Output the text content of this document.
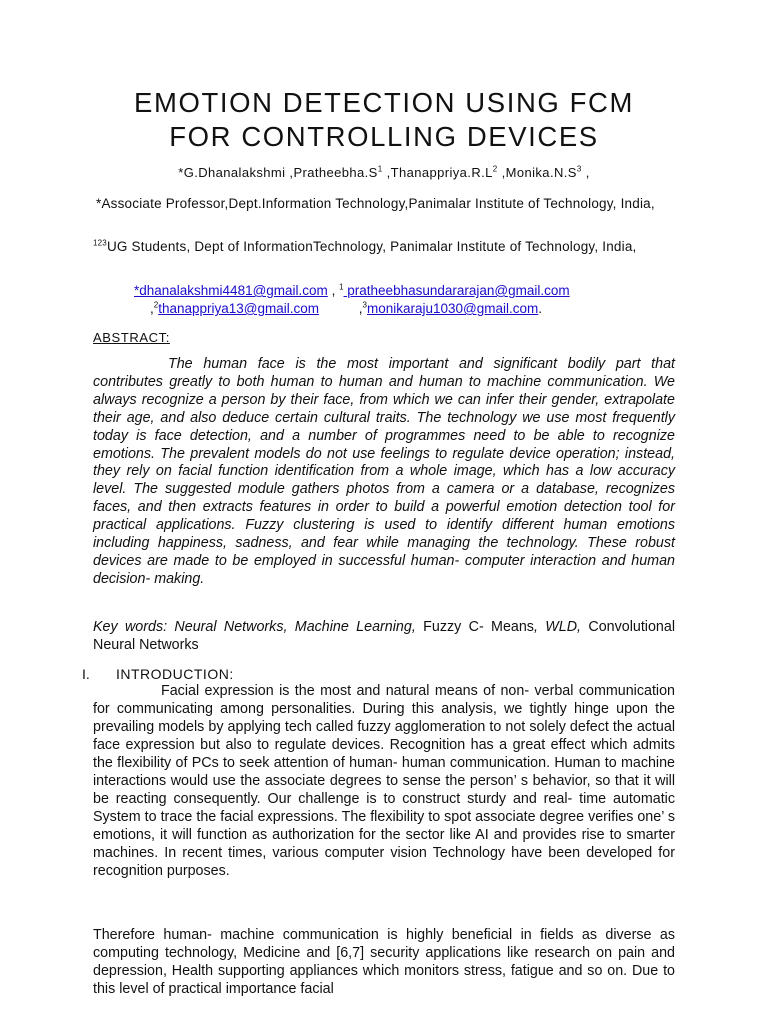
EMOTION DETECTION USING FCM
FOR CONTROLLING DEVICES
*G.Dhanalakshmi $,Pratheebha.S^1$ $,Thanappriya.R.L^2$ $,Monika.N.S^3$ ,
*Associate Professor,Dept.Information Technology,Panimalar Institute of Technology, India,
$^{123}$UG Students, Dept of InformationTechnology, Panimalar Institute of Technology, India,
*dhanalakshmi4481@gmail.com , $^1$ pratheebhasundararajan@gmail.com
,$^2$thanappriya13@gmail.com	,$^3$monikaraju1030@gmail.com.
ABSTRACT:
The human face is the most important and significant bodily part that contributes greatly to both human to human and human to machine communication. We always recognize a person by their face, from which we can infer their gender, extrapolate their age, and also deduce certain cultural traits. The technology we use most frequently today is face detection, and a number of programmes need to be able to recognize emotions. The prevalent models do not use feelings to regulate device operation; instead, they rely on facial function identification from a whole image, which has a low accuracy level. The suggested module gathers photos from a camera or a database, recognizes faces, and then extracts features in order to build a powerful emotion detection tool for practical applications. Fuzzy clustering is used to identify different human emotions including happiness, sadness, and fear while managing the technology. These robust devices are made to be employed in successful human- computer interaction and human decision- making.
Key words: Neural Networks, Machine Learning, Fuzzy C- Means, WLD, Convolutional Neural Networks
I. INTRODUCTION:
Facial expression is the most and natural means of non- verbal communication for communicating among personalities. During this analysis, we tightly hinge upon the prevailing models by applying tech called fuzzy agglomeration to not solely defect the actual face expression but also to regulate devices. Recognition has a great effect which admits the flexibility of PCs to seek attention of human- human communication. Human to machine interactions would use the associate degrees to sense the person’ s behavior, so that it will be reacting consequently. Our challenge is to construct sturdy and real- time automatic System to trace the facial expressions. The flexibility to spot associate degree verifies one’ s emotions, it will function as authorization for the sector like AI and provides rise to smarter machines. In recent times, various computer vision Technology have been developed for recognition purposes.
Therefore human- machine communication is highly beneficial in fields as diverse as computing technology, Medicine and [6,7] security applications like research on pain and depression, Health supporting appliances which monitors stress, fatigue and so on. Due to this level of practical importance facial
